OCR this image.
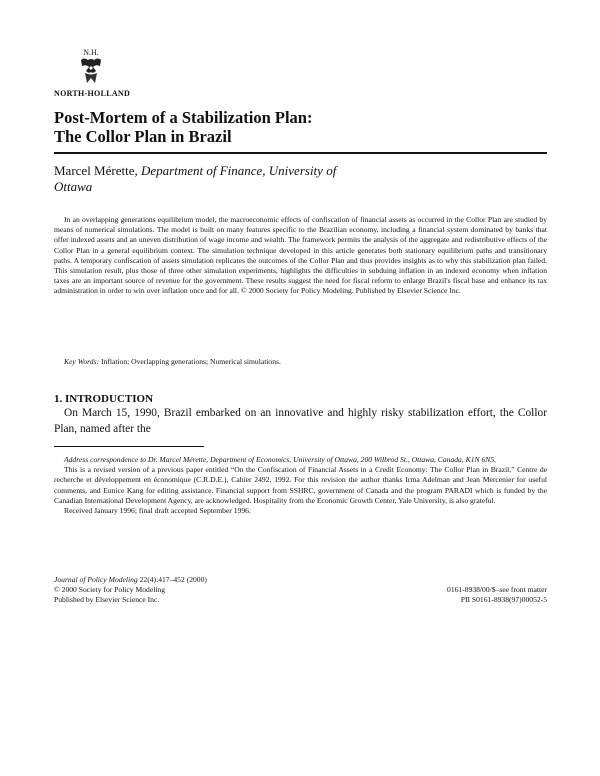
N.H.
NORTH-HOLLAND
Post-Mortem of a Stabilization Plan:
The Collor Plan in Brazil
Marcel Mérette, Department of Finance, University of Ottawa
In an overlapping generations equilibrium model, the macroeconomic effects of confiscation of financial assets as occurred in the Collor Plan are studied by means of numerical simulations. The model is built on many features specific to the Brazilian economy, including a financial system dominated by banks that offer indexed assets and an uneven distribution of wage income and wealth. The framework permits the analysis of the aggregate and redistributive effects of the Collor Plan in a general equilibrium context. The simulation technique developed in this article generates both stationary equilibrium paths and transitionary paths. A temporary confiscation of assets simulation replicates the outcomes of the Collor Plan and thus provides insights as to why this stabilization plan failed. This simulation result, plus those of three other simulation experiments, highlights the difficulties in subduing inflation in an indexed economy when inflation taxes are an important source of revenue for the government. These results suggest the need for fiscal reform to enlarge Brazil's fiscal base and enhance its tax administration in order to win over inflation once and for all. © 2000 Society for Policy Modeling. Published by Elsevier Science Inc.
Key Words: Inflation; Overlapping generations; Numerical simulations.
1. INTRODUCTION
On March 15, 1990, Brazil embarked on an innovative and highly risky stabilization effort, the Collor Plan, named after the

Address correspondence to Dr. Marcel Mérette, Department of Economics, University of Ottawa, 200 Wilbrod St., Ottawa, Canada, K1N 6N5.

This is a revised version of a previous paper entitled “On the Confiscation of Financial Assets in a Credit Economy: The Collor Plan in Brazil,” Centre de recherche et développement en économique (C.R.D.E.), Cahier 2492, 1992. For this revision the author thanks Irma Adelman and Jean Mercenier for useful comments, and Eunice Kang for editing assistance. Financial support from SSHRC, government of Canada and the program PARADI which is funded by the Canadian International Development Agency, are acknowledged. Hospitality from the Economic Growth Center, Yale University, is also grateful.

Received January 1996; final draft accepted September 1996.

Journal of Policy Modeling 22(4):417–452 (2000)
© 2000 Society for Policy Modeling	0161-8938/00/$–see front matter
Published by Elsevier Science Inc.	PII S0161-8938(97)00052-5
